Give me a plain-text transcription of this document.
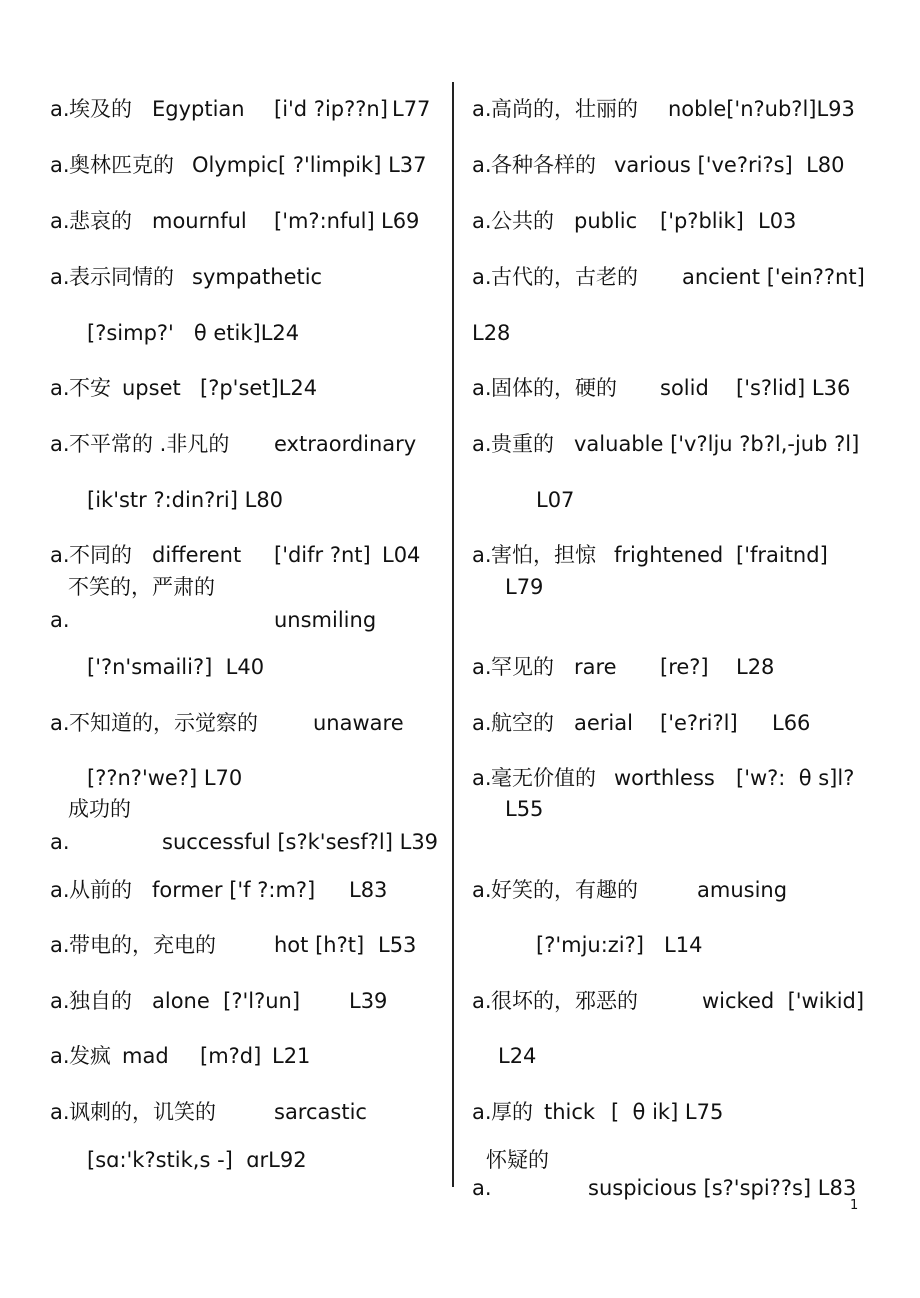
a. 埃及的 Egyptian [i'd ?ip??n] L77
a. 奥林匹克的 Olympic[ ?'limpik] L37
a. 悲哀的 mournful ['m?:nful] L69
a. 表示同情的 sympathetic
[?simp?'   θ etik]L24
a. 不安 upset [?p'set]L24
a. 不平常的 .非凡的 extraordinary
[ik'str ?:din?ri] L80
a. 不同的 different ['difr ?nt] L04
不笑的，严肃的
a.	unsmiling
['?n'smaili?]  L40
a. 不知道的，示觉察的	unaware
[??n?'we?] L70
成功的
a.	successful [s?k'sesf?l] L39
a. 从前的 former ['f ?:m?] L83
a. 带电的，充电的	hot [h?t] L53
a. 独自的 alone  [?'l?un] L39
a. 发疯 mad [m?d] L21
a. 讽刺的，讥笑的	sarcastic
[sɑ:'k?stik,s -]  ɑrL92
a. 高尚的，壮丽的 noble['n?ub?l]L93
a. 各种各样的 various ['ve?ri?s]  L80
a. 公共的 public ['p?blik] L03
a. 古代的，古老的 ancient ['ein??nt]
L28
a. 固体的，硬的 solid ['s?lid] L36
a. 贵重的 valuable ['v?lju ?b?l,-jub ?l]
L07
a. 害怕，担惊 frightened ['fraitnd]
L79
a. 罕见的 rare [re?] L28
a. 航空的 aerial ['e?ri?l] L66
a. 毫无价值的 worthless ['w?:  θ s]l?
L55
a. 好笑的，有趣的	amusing
[?'mju:zi?]   L14
a. 很坏的，邪恶的	wicked  ['wikid]
L24
a. 厚的 thick [  θ ik] L75
怀疑的
a.	suspicious [s?'spi??s] L83
1
